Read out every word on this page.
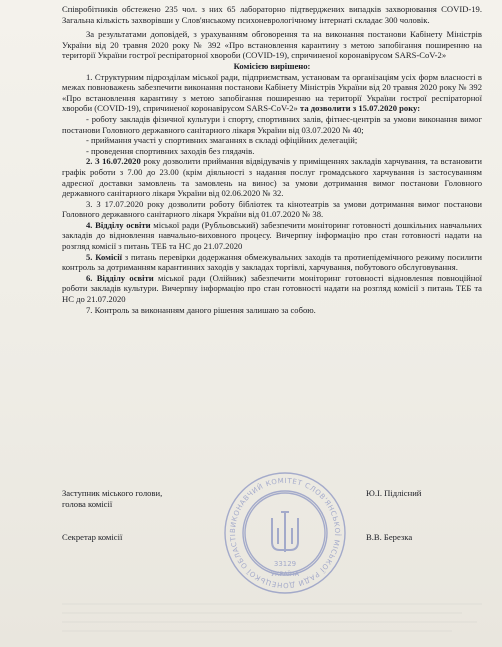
Співробітників обстежено 235 чол. з них 65 лабораторно підтверджених випадків захворювання COVID-19. Загальна кількість захворівши у Слов'янському психоневрологічному інтернаті складає 300 чоловік.

За результатами доповідей, з урахуванням обговорення та на виконання постанови Кабінету Міністрів України від 20 травня 2020 року № 392 «Про встановлення карантину з метою запобігання поширенню на території України гострої респіраторної хвороби (COVID-19), спричиненої коронавірусом SARS-CoV-2»

Комісією вирішено:

1. Структурним підрозділам міської ради, підприємствам, установам та організаціям усіх форм власності в межах повноважень забезпечити виконання постанови Кабінету Міністрів України від 20 травня 2020 року № 392 «Про встановлення карантину з метою запобігання поширенню на території України гострої респіраторної хвороби (COVID-19), спричиненої коронавірусом SARS-CoV-2» та дозволити з 15.07.2020 року:

- роботу закладів фізичної культури і спорту, спортивних залів, фітнес-центрів за умови виконання вимог постанови Головного державного санітарного лікаря України від 03.07.2020 № 40;

- приймання участі у спортивних змаганнях в складі офіційних делегацій;

- проведення спортивних заходів без глядачів.

2. З 16.07.2020 року дозволити приймання відвідувачів у приміщеннях закладів харчування, та встановити графік роботи з 7.00 до 23.00 (крім діяльності з надання послуг громадського харчування із застосуванням адресної доставки замовлень та замовлень на винос) за умови дотримання вимог постанови Головного державного санітарного лікаря України від 02.06.2020 № 32.

3. З 17.07.2020 року дозволити роботу бібліотек та кінотеатрів за умови дотримання вимог постанови Головного державного санітарного лікаря України від 01.07.2020 № 38.

4. Відділу освіти міської ради (Рубльовський) забезпечити моніторинг готовності дошкільних навчальних закладів до відновлення навчально-виховного процесу. Вичерпну інформацію про стан готовності надати на розгляд комісії з питань ТЕБ та НС до 21.07.2020

5. Комісії з питань перевірки додержання обмежувальних заходів та протиепідемічного режиму посилити контроль за дотриманням карантинних заходів у закладах торгівлі, харчування, побутового обслуговування.

6. Відділу освіти міської ради (Олійник) забезпечити моніторинг готовності відновлення повноційної роботи закладів культури. Вичерпну інформацію про стан готовності надати на розгляд комісії з питань ТЕБ та НС до 21.07.2020

7. Контроль за виконанням даного рішення залишаю за собою.

Заступник міського голови,
голова комісії
Ю.І. Підлісний
Секретар комісії	В.В. Березка
ВИКОНАВЧИЙ КОМІТЕТ СЛОВ'ЯНСЬКОЇ МІСЬКОЇ РАДИ ДОНЕЦЬКОЇ ОБЛАСТІ
33129
УКРАЇНА
